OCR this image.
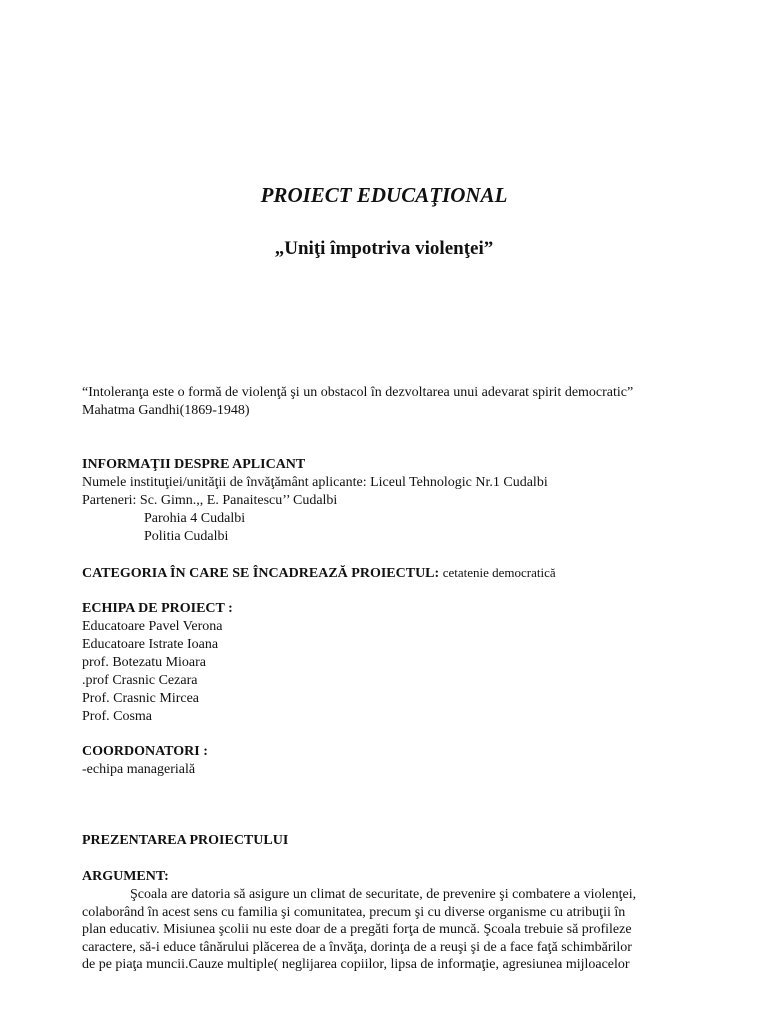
PROIECT EDUCAŢIONAL
„Uniţi împotriva violenţei”
“Intoleranţa este o formă de violenţă şi un obstacol în dezvoltarea unui adevarat spirit democratic”
Mahatma Gandhi(1869-1948)
INFORMAŢII DESPRE APLICANT
Numele instituţiei/unităţii de învăţământ aplicante: Liceul Tehnologic Nr.1 Cudalbi
Parteneri: Sc. Gimn.,, E. Panaitescu’’ Cudalbi
Parohia 4 Cudalbi
Politia Cudalbi
CATEGORIA ÎN CARE SE ÎNCADREAZĂ PROIECTUL: cetatenie democratică
ECHIPA DE PROIECT :
Educatoare Pavel Verona
Educatoare Istrate Ioana
prof. Botezatu Mioara
.prof Crasnic Cezara
Prof. Crasnic Mircea
Prof. Cosma
COORDONATORI :
-echipa managerială
PREZENTAREA PROIECTULUI
ARGUMENT:
Şcoala are datoria să asigure un climat de securitate, de prevenire şi combatere a violenţei,
colaborând în acest sens cu familia şi comunitatea, precum şi cu diverse organisme cu atribuţii în
plan educativ. Misiunea şcolii nu este doar de a pregăti forţa de muncă. Şcoala trebuie să profileze
caractere, să-i educe tânărului plăcerea de a învăţa, dorinţa de a reuşi şi de a face faţă schimbărilor
de pe piaţa muncii.Cauze multiple( neglijarea copiilor, lipsa de informaţie, agresiunea mijloacelor
